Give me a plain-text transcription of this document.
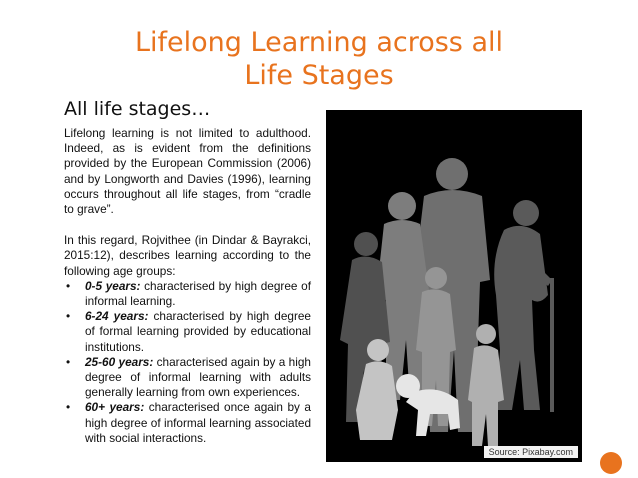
Lifelong Learning across all
Life Stages
All life stages…

Lifelong learning is not limited to adulthood. Indeed, as is evident from the definitions provided by the European Commission (2006) and by Longworth and Davies (1996), learning occurs throughout all life stages, from “cradle to grave”.

In this regard, Rojvithee (in Dindar & Bayrakci, 2015:12), describes learning according to the following age groups:

• 0-5 years: characterised by high degree of informal learning.
• 6-24 years: characterised by high degree of formal learning provided by educational institutions.
• 25-60 years: characterised again by a high degree of informal learning with adults generally learning from own experiences.
• 60+ years: characterised once again by a high degree of informal learning associated with social interactions.
Source: Pixabay.com
